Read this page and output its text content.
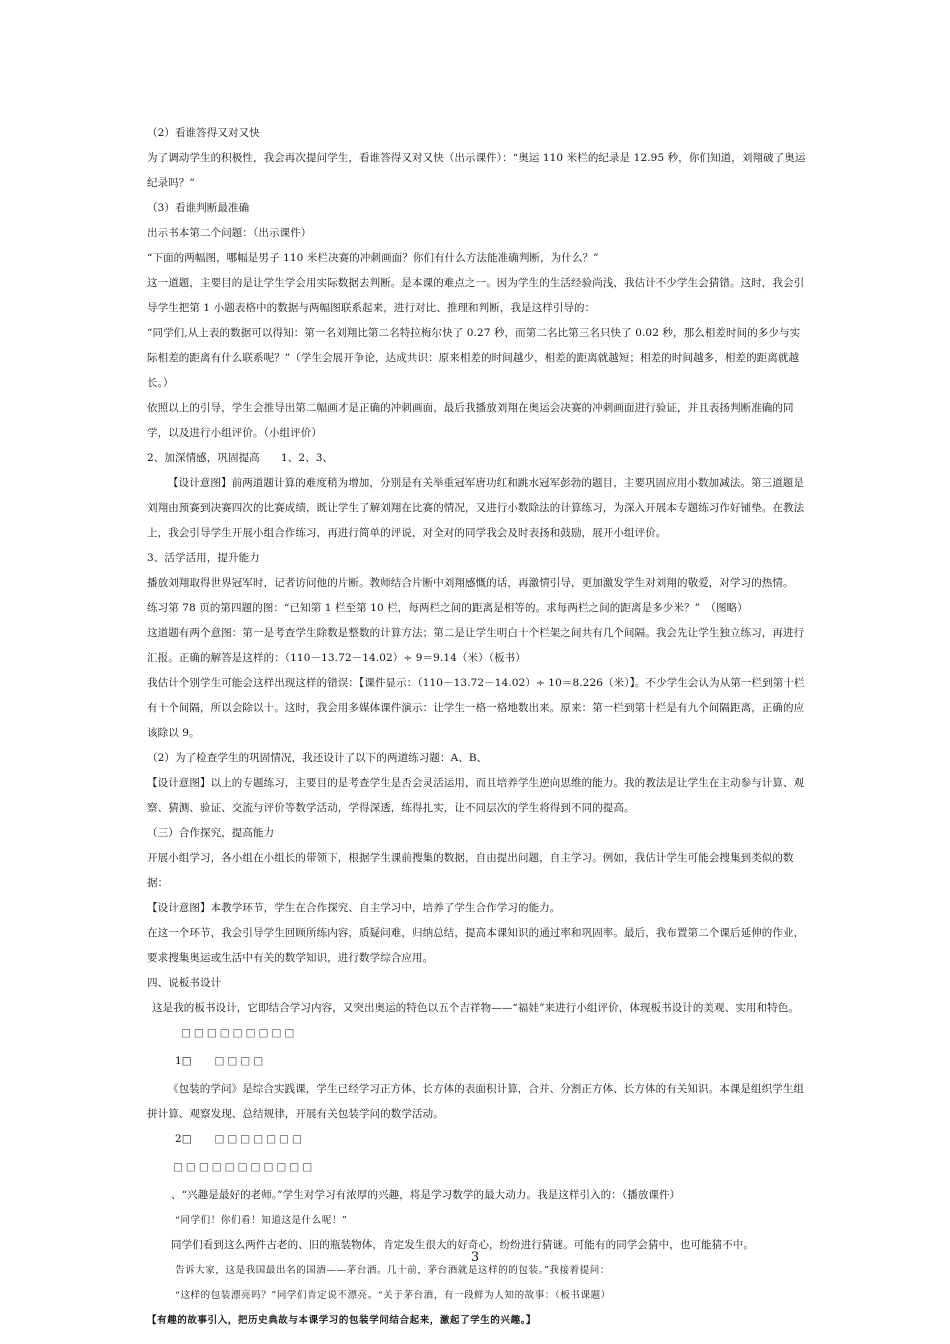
（2）看谁答得又对又快

为了调动学生的积极性，我会再次提问学生，看谁答得又对又快（出示课件）：“奥运 110 米栏的纪录是 12.95 秒，你们知道，刘翔破了奥运纪录吗？”

（3）看谁判断最准确

出示书本第二个问题：（出示课件）

“下面的两幅图，哪幅是男子 110 米栏决赛的冲刺画面？你们有什么方法能准确判断，为什么？”

这一道题，主要目的是让学生学会用实际数据去判断。是本课的难点之一。因为学生的生活经验尚浅，我估计不少学生会猜错。这时，我会引导学生把第 1 小题表格中的数据与两幅图联系起来，进行对比、推理和判断，我是这样引导的：

“同学们,从上表的数据可以得知：第一名刘翔比第二名特拉梅尔快了 0.27 秒，而第二名比第三名只快了 0.02 秒，那么相差时间的多少与实际相差的距离有什么联系呢？”（学生会展开争论，达成共识：原来相差的时间越少，相差的距离就越短；相差的时间越多，相差的距离就越长。）

依照以上的引导，学生会推导出第二幅画才是正确的冲刺画面，最后我播放刘翔在奥运会决赛的冲刺画面进行验证，并且表扬判断准确的同学，以及进行小组评价。（小组评价）

2、加深情感，巩固提高　　1、2、3、

【设计意图】前两道题计算的难度稍为增加，分别是有关举重冠军唐功红和跳水冠军彭勃的题目，主要巩固应用小数加减法。第三道题是刘翔由预赛到决赛四次的比赛成绩，既让学生了解刘翔在比赛的情况，又进行小数除法的计算练习，为深入开展本专题练习作好铺垫。在教法上，我会引导学生开展小组合作练习，再进行简单的评说，对全对的同学我会及时表扬和鼓励，展开小组评价。

3、活学活用，提升能力

播放刘翔取得世界冠军时，记者访问他的片断。教师结合片断中刘翔感慨的话，再激情引导，更加激发学生对刘翔的敬爱，对学习的热情。

练习第 78 页的第四题的图：“已知第 1 栏至第 10 栏，每两栏之间的距离是相等的。求每两栏之间的距离是多少米？”　（图略）

这道题有两个意图：第一是考查学生除数是整数的计算方法；第二是让学生明白十个栏架之间共有几个间隔。我会先让学生独立练习，再进行汇报。正确的解答是这样的：（110－13.72－14.02）÷ 9＝9.14（米）（板书）

我估计个别学生可能会这样出现这样的错误：【课件显示：（110－13.72－14.02）÷ 10＝8.226（米）】。不少学生会认为从第一栏到第十栏有十个间隔，所以会除以十。这时，我会用多媒体课件演示：让学生一格一格地数出来。原来：第一栏到第十栏是有九个间隔距离，正确的应该除以 9。

（2）为了检查学生的巩固情况，我还设计了以下的两道练习题：A、B、

【设计意图】以上的专题练习，主要目的是考查学生是否会灵活运用，而且培养学生逆向思维的能力。我的教法是让学生在主动参与计算、观察、猜测、验证、交流与评价等数学活动，学得深透，练得扎实，让不同层次的学生将得到不同的提高。

（三）合作探究，提高能力

开展小组学习，各小组在小组长的带领下，根据学生课前搜集的数据，自由提出问题，自主学习。例如，我估计学生可能会搜集到类似的数据：

【设计意图】本教学环节，学生在合作探究、自主学习中，培养了学生合作学习的能力。

在这一个环节，我会引导学生回顾所练内容，质疑问难，归纳总结，提高本课知识的通过率和巩固率。最后，我布置第二个课后延伸的作业，要求搜集奥运或生活中有关的数学知识，进行数学综合应用。

四、说板书设计

这是我的板书设计，它即结合学习内容，又突出奥运的特色以五个吉祥物——“福娃”来进行小组评价，体现板书设计的美观、实用和特色。

□□□□□□□□□
1□ □□□□

《包装的学问》是综合实践课，学生已经学习正方体、长方体的表面积计算，合并、分割正方体、长方体的有关知识。本课是组织学生组拼计算、观察发现、总结规律，开展有关包装学问的数学活动。

2□ □□□□□□□
□□□□□□□□□□□

、“兴趣是最好的老师。”学生对学习有浓厚的兴趣，将是学习数学的最大动力。我是这样引入的：（播放课件）

“同学们！你们看！知道这是什么呢！”

同学们看到这么两件古老的、旧的瓶装物体，肯定发生很大的好奇心，纷纷进行猜谜。可能有的同学会猜中，也可能猜不中。

告诉大家，这是我国最出名的国酒——茅台酒。几十前，茅台酒就是这样的的包装。”我接着提问：

“这样的包装漂亮吗？”同学们肯定说不漂亮。“关于茅台酒，有一段鲜为人知的故事：（板书课题）

【有趣的故事引入，把历史典故与本课学习的包装学问结合起来，激起了学生的兴趣。】

3
